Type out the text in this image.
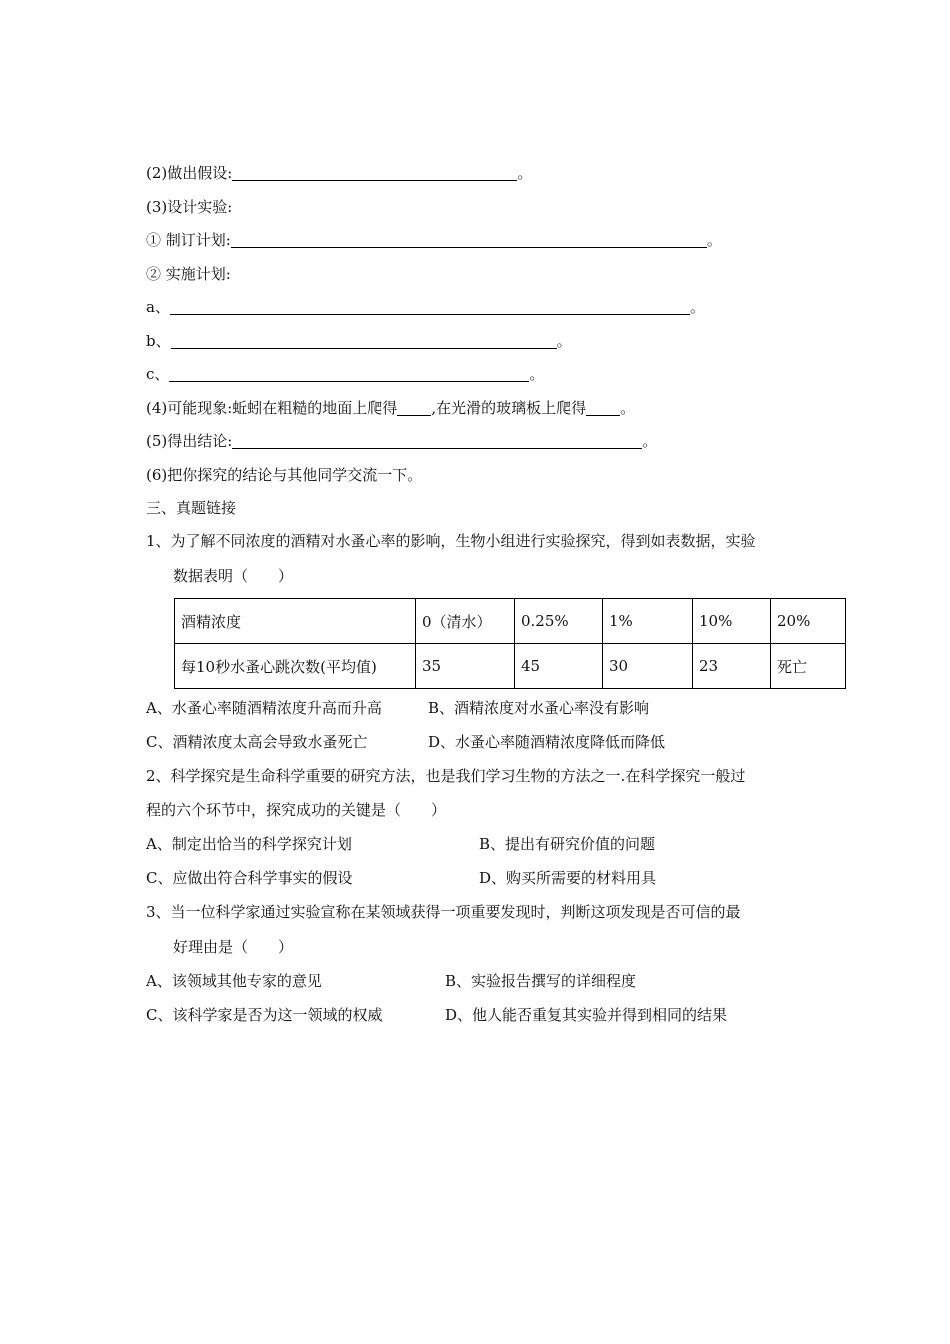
(2)做出假设:	。
(3)设计实验:
① 制订计划:	。
② 实施计划:
a、	。
b、	。
c、	。
(4)可能现象:蚯蚓在粗糙的地面上爬得 ,在光滑的玻璃板上爬得 。
(5)得出结论:	。
(6)把你探究的结论与其他同学交流一下。
三、真题链接
1、为了解不同浓度的酒精对水蚤心率的影响，生物小组进行实验探究，得到如表数据，实验
数据表明（　　）
酒精浓度	0（清水）	0.25%	1%	10%	20%
每10秒水蚤心跳次数(平均值)	35	45	30	23	死亡
A、水蚤心率随酒精浓度升高而升高	B、酒精浓度对水蚤心率没有影响
C、酒精浓度太高会导致水蚤死亡	D、水蚤心率随酒精浓度降低而降低
2、科学探究是生命科学重要的研究方法，也是我们学习生物的方法之一.在科学探究一般过
程的六个环节中，探究成功的关键是（　　）
A、制定出恰当的科学探究计划	B、提出有研究价值的问题
C、应做出符合科学事实的假设	D、购买所需要的材料用具
3、当一位科学家通过实验宣称在某领域获得一项重要发现时，判断这项发现是否可信的最
好理由是（　　）
A、该领域其他专家的意见	B、实验报告撰写的详细程度
C、该科学家是否为这一领域的权威	D、他人能否重复其实验并得到相同的结果
